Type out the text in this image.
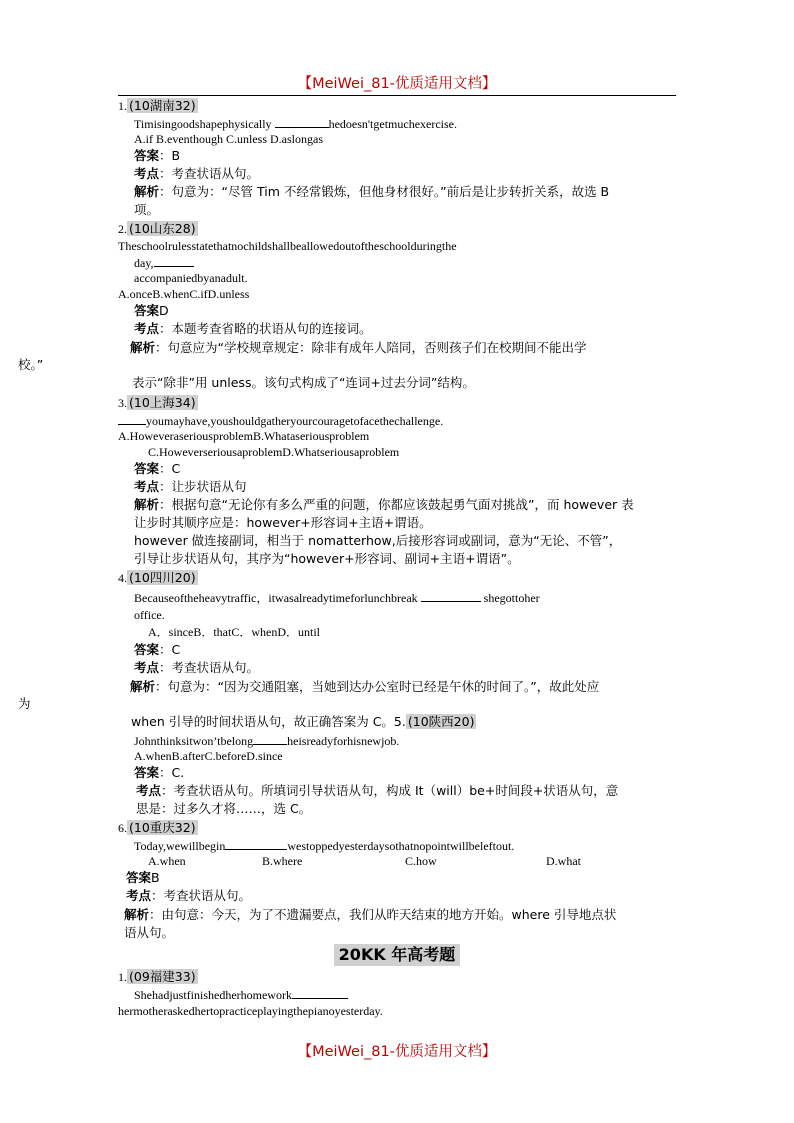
【MeiWei_81-优质适用文档】
1. (10湖南32)
Timisingoodshapephysically	hedoesn'tgetmuchexercise.
A.if B.eventhough C.unless D.aslongas
答案：B
考点：考查状语从句。
解析：句意为：“尽管 Tim 不经常锻炼，但他身材很好。”前后是让步转折关系，故选 B
项。
2. (10山东28)
Theschoolrulesstatethatnochildshallbeallowedoutoftheschoolduringthe
day,
accompaniedbyanadult.
A.onceB.whenC.ifD.unless
答案D
考点：本题考查省略的状语从句的连接词。
解析：句意应为“学校规章规定：除非有成年人陪同，否则孩子们在校期间不能出学
校。”
表示“除非”用 unless。该句式构成了“连词+过去分词”结构。
3. (10上海34)
youmayhave,youshouldgatheryourcouragetofacethechallenge.
A.HoweveraseriousproblemB.Whataseriousproblem
C.HoweverseriousaproblemD.Whatseriousaproblem
答案：C
考点：让步状语从句
解析：根据句意“无论你有多么严重的问题，你都应该鼓起勇气面对挑战”，而 however 表
让步时其顺序应是：however+形容词+主语+谓语。
however 做连接副词，相当于 nomatterhow,后接形容词或副词，意为“无论、不管”，
引导让步状语从句，其序为“however+形容词、副词+主语+谓语”。
4. (10四川20)
Becauseoftheheavytraffic，itwasalreadytimeforlunchbreak	shegottoher
office.
A．sinceB．thatC．whenD．until
答案：C
考点：考查状语从句。
解析：句意为：“因为交通阻塞，当她到达办公室时已经是午休的时间了。”，故此处应
为
when 引导的时间状语从句，故正确答案为 C。5. (10陕西20)
Johnthinksitwon’tbelong	heisreadyforhisnewjob.
A.whenB.afterC.beforeD.since
答案：C.
考点：考查状语从句。所填词引导状语从句，构成 It（will）be+时间段+状语从句，意
思是：过多久才将……，选 C。
6. (10重庆32)
Today,wewillbegin	westoppedyesterdaysothatnopointwillbeleftout.
A.when	B.where	C.how	D.what
答案B
考点：考查状语从句。
解析：由句意：今天，为了不遗漏要点，我们从昨天结束的地方开始。where 引导地点状
语从句。
20KK 年高考题
1. (09福建33)
Shehadjustfinishedherhomework
hermotheraskedhertopracticeplayingthepianoyesterday.
【MeiWei_81-优质适用文档】
